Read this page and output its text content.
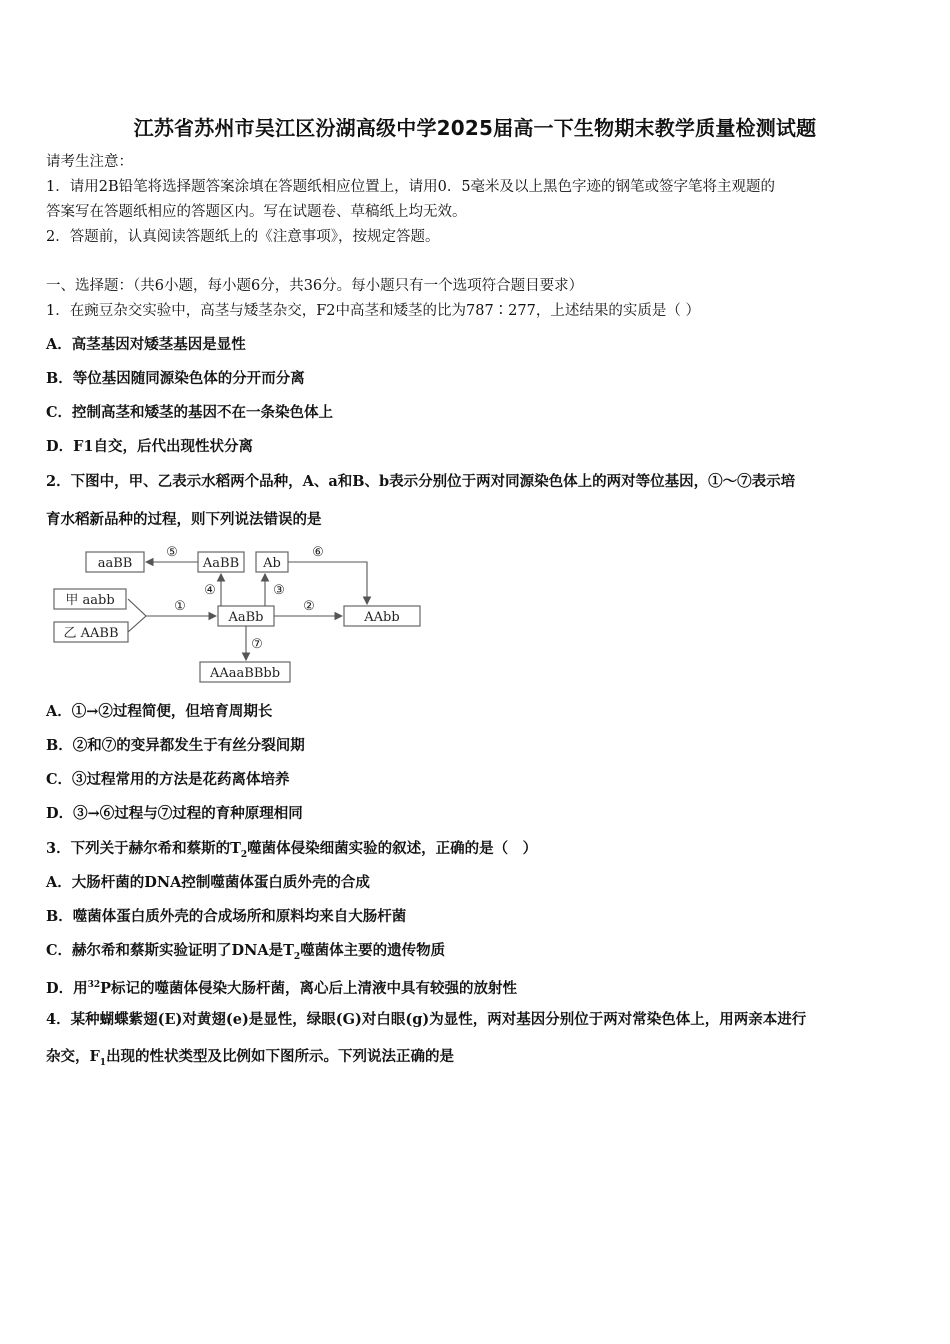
江苏省苏州市吴江区汾湖高级中学2025届高一下生物期末教学质量检测试题
请考生注意：
1．请用2B铅笔将选择题答案涂填在答题纸相应位置上，请用0．5毫米及以上黑色字迹的钢笔或签字笔将主观题的
答案写在答题纸相应的答题区内。写在试题卷、草稿纸上均无效。
2．答题前，认真阅读答题纸上的《注意事项》，按规定答题。
一、选择题：（共6小题，每小题6分，共36分。每小题只有一个选项符合题目要求）
1．在豌豆杂交实验中，高茎与矮茎杂交，F2中高茎和矮茎的比为787∶277，上述结果的实质是（ ）
A．高茎基因对矮茎基因是显性
B．等位基因随同源染色体的分开而分离
C．控制高茎和矮茎的基因不在一条染色体上
D．F1自交，后代出现性状分离
2．下图中，甲、乙表示水稻两个品种，A、a和B、b表示分别位于两对同源染色体上的两对等位基因，①～⑦表示培
育水稻新品种的过程，则下列说法错误的是
aaBB	AaBB Ab
甲 aabb
乙 AABB
AaBb	AAbb
AAaaBBbb
①	②
④	③
⑤	⑥
⑦
A．①→②过程简便，但培育周期长
B．②和⑦的变异都发生于有丝分裂间期
C．③过程常用的方法是花药离体培养
D．③→⑥过程与⑦过程的育种原理相同
3．下列关于赫尔希和蔡斯的$T_2$噬菌体侵染细菌实验的叙述，正确的是（　）
A．大肠杆菌的DNA控制噬菌体蛋白质外壳的合成
B．噬菌体蛋白质外壳的合成场所和原料均来自大肠杆菌
C．赫尔希和蔡斯实验证明了DNA是$T_2$噬菌体主要的遗传物质
D．用$^{32}$P标记的噬菌体侵染大肠杆菌，离心后上清液中具有较强的放射性
4．某种蝴蝶紫翅(E)对黄翅(e)是显性，绿眼(G)对白眼(g)为显性，两对基因分别位于两对常染色体上，用两亲本进行
杂交，$F_1$出现的性状类型及比例如下图所示。下列说法正确的是
